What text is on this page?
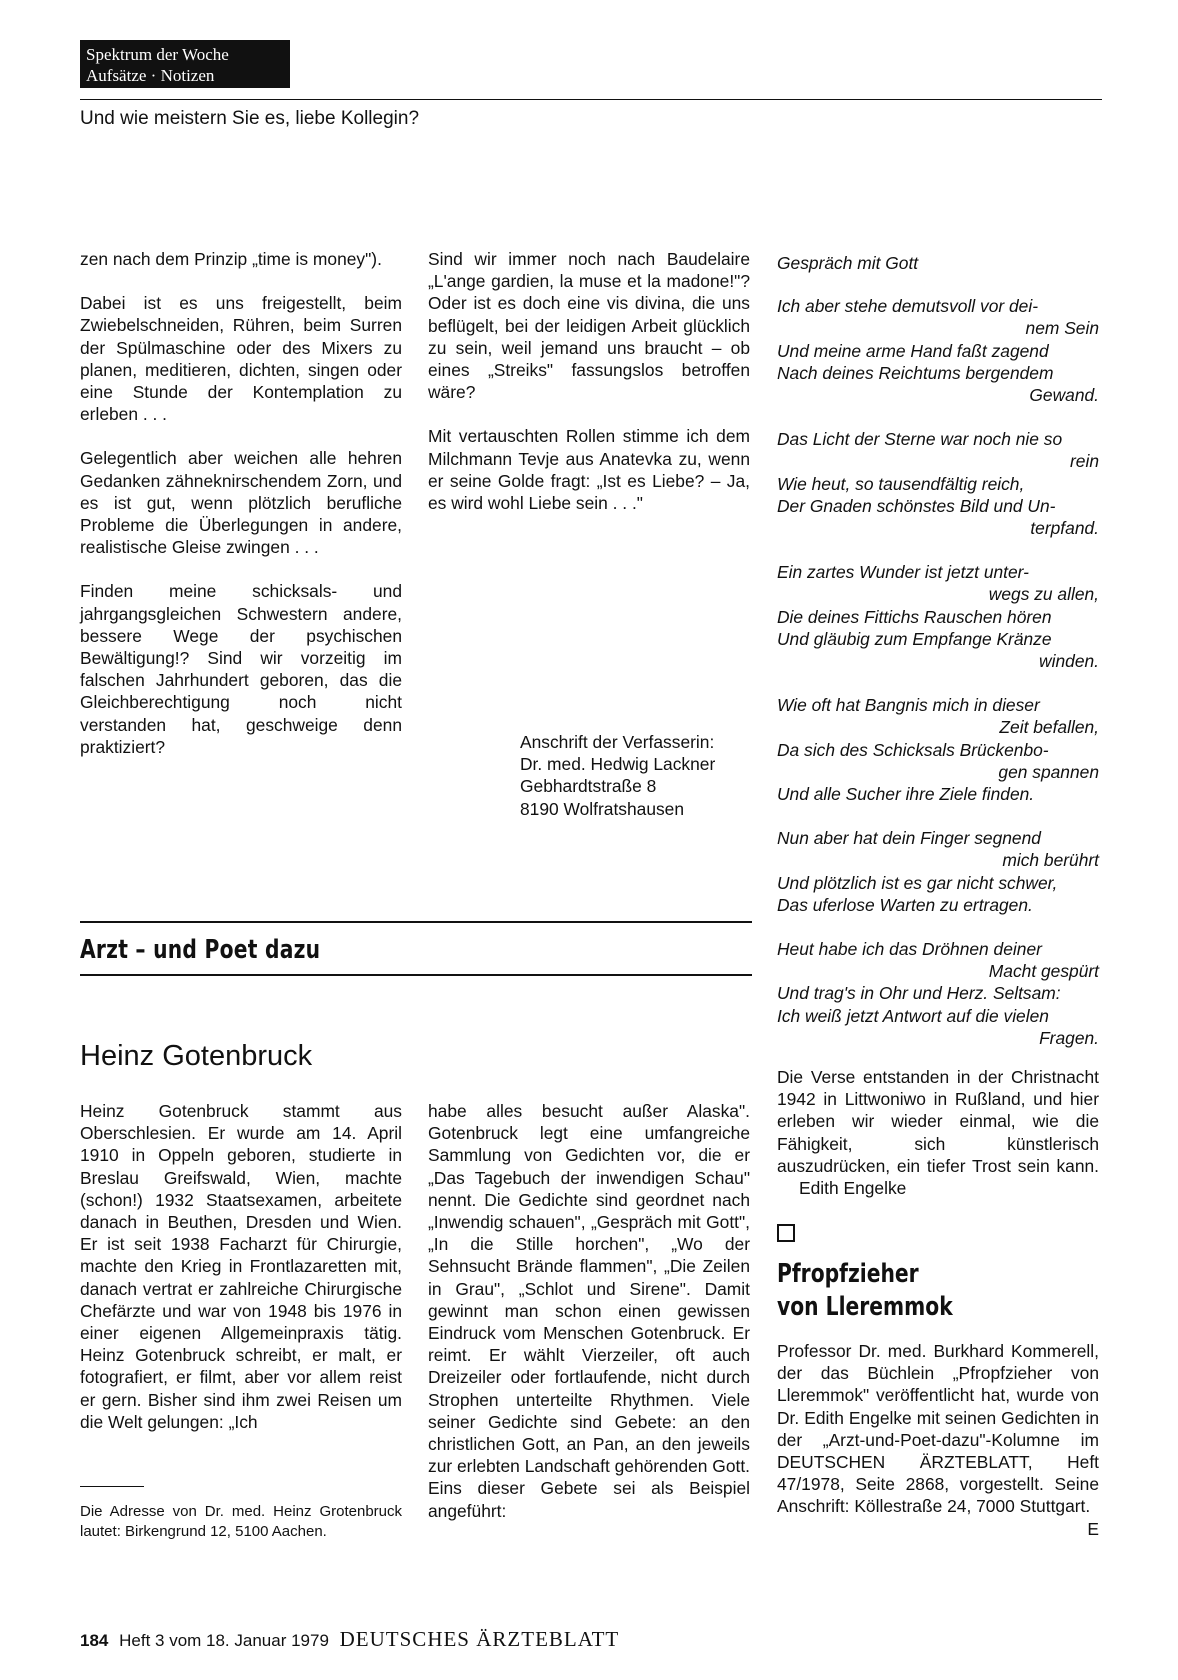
Spektrum der Woche
Aufsätze · Notizen
Und wie meistern Sie es, liebe Kollegin?

zen nach dem Prinzip „time is money").

Dabei ist es uns freigestellt, beim Zwiebelschneiden, Rühren, beim Surren der Spülmaschine oder des Mixers zu planen, meditieren, dichten, singen oder eine Stunde der Kontemplation zu erleben . . .

Gelegentlich aber weichen alle hehren Gedanken zähneknirschendem Zorn, und es ist gut, wenn plötzlich berufliche Probleme die Überlegungen in andere, realistische Gleise zwingen . . .

Finden meine schicksals- und jahrgangsgleichen Schwestern andere, bessere Wege der psychischen Bewältigung!? Sind wir vorzeitig im falschen Jahrhundert geboren, das die Gleichberechtigung noch nicht verstanden hat, geschweige denn praktiziert?

Sind wir immer noch nach Baudelaire „L'ange gardien, la muse et la madone!"? Oder ist es doch eine vis divina, die uns beflügelt, bei der leidigen Arbeit glücklich zu sein, weil jemand uns braucht – ob eines „Streiks" fassungslos betroffen wäre?

Mit vertauschten Rollen stimme ich dem Milchmann Tevje aus Anatevka zu, wenn er seine Golde fragt: „Ist es Liebe? – Ja, es wird wohl Liebe sein . . ."

Anschrift der Verfasserin:
Dr. med. Hedwig Lackner
Gebhardtstraße 8
8190 Wolfratshausen
Gespräch mit Gott
Ich aber stehe demutsvoll vor dei-
nem Sein
Und meine arme Hand faßt zagend
Nach deines Reichtums bergendem
Gewand.
Das Licht der Sterne war noch nie so
rein
Wie heut, so tausendfältig reich,
Der Gnaden schönstes Bild und Un-
terpfand.
Ein zartes Wunder ist jetzt unter-
wegs zu allen,
Die deines Fittichs Rauschen hören
Und gläubig zum Empfange Kränze
winden.
Wie oft hat Bangnis mich in dieser
Zeit befallen,
Da sich des Schicksals Brückenbo-
gen spannen
Und alle Sucher ihre Ziele finden.
Nun aber hat dein Finger segnend
mich berührt
Und plötzlich ist es gar nicht schwer,
Das uferlose Warten zu ertragen.
Heut habe ich das Dröhnen deiner
Macht gespürt
Und trag's in Ohr und Herz. Seltsam:
Ich weiß jetzt Antwort auf die vielen
Fragen.
Die Verse entstanden in der Christnacht 1942 in Littwoniwo in Rußland, und hier erleben wir wieder einmal, wie die Fähigkeit, sich künstlerisch auszudrücken, ein tiefer Trost sein kann. Edith Engelke
Arzt – und Poet dazu
Heinz Gotenbruck
Heinz Gotenbruck stammt aus Oberschlesien. Er wurde am 14. April 1910 in Oppeln geboren, studierte in Breslau Greifswald, Wien, machte (schon!) 1932 Staatsexamen, arbeitete danach in Beuthen, Dresden und Wien. Er ist seit 1938 Facharzt für Chirurgie, machte den Krieg in Frontlazaretten mit, danach vertrat er zahlreiche Chirurgische Chefärzte und war von 1948 bis 1976 in einer eigenen Allgemeinpraxis tätig. Heinz Gotenbruck schreibt, er malt, er fotografiert, er filmt, aber vor allem reist er gern. Bisher sind ihm zwei Reisen um die Welt gelungen: „Ich
Die Adresse von Dr. med. Heinz Grotenbruck lautet: Birkengrund 12, 5100 Aachen.
habe alles besucht außer Alaska". Gotenbruck legt eine umfangreiche Sammlung von Gedichten vor, die er „Das Tagebuch der inwendigen Schau" nennt. Die Gedichte sind geordnet nach „Inwendig schauen", „Gespräch mit Gott", „In die Stille horchen", „Wo der Sehnsucht Brände flammen", „Die Zeilen in Grau", „Schlot und Sirene". Damit gewinnt man schon einen gewissen Eindruck vom Menschen Gotenbruck. Er reimt. Er wählt Vierzeiler, oft auch Dreizeiler oder fortlaufende, nicht durch Strophen unterteilte Rhythmen. Viele seiner Gedichte sind Gebete: an den christlichen Gott, an Pan, an den jeweils zur erlebten Landschaft gehörenden Gott. Eins dieser Gebete sei als Beispiel angeführt:
Pfropfzieher
von Lleremmok
Professor Dr. med. Burkhard Kommerell, der das Büchlein „Pfropfzieher von Lleremmok" veröffentlicht hat, wurde von Dr. Edith Engelke mit seinen Gedichten in der „Arzt-und-Poet-dazu"-Kolumne im DEUTSCHEN ÄRZTEBLATT, Heft 47/1978, Seite 2868, vorgestellt. Seine Anschrift: Köllestraße 24, 7000 Stuttgart.
E
184 Heft 3 vom 18. Januar 1979 DEUTSCHES ÄRZTEBLATT
